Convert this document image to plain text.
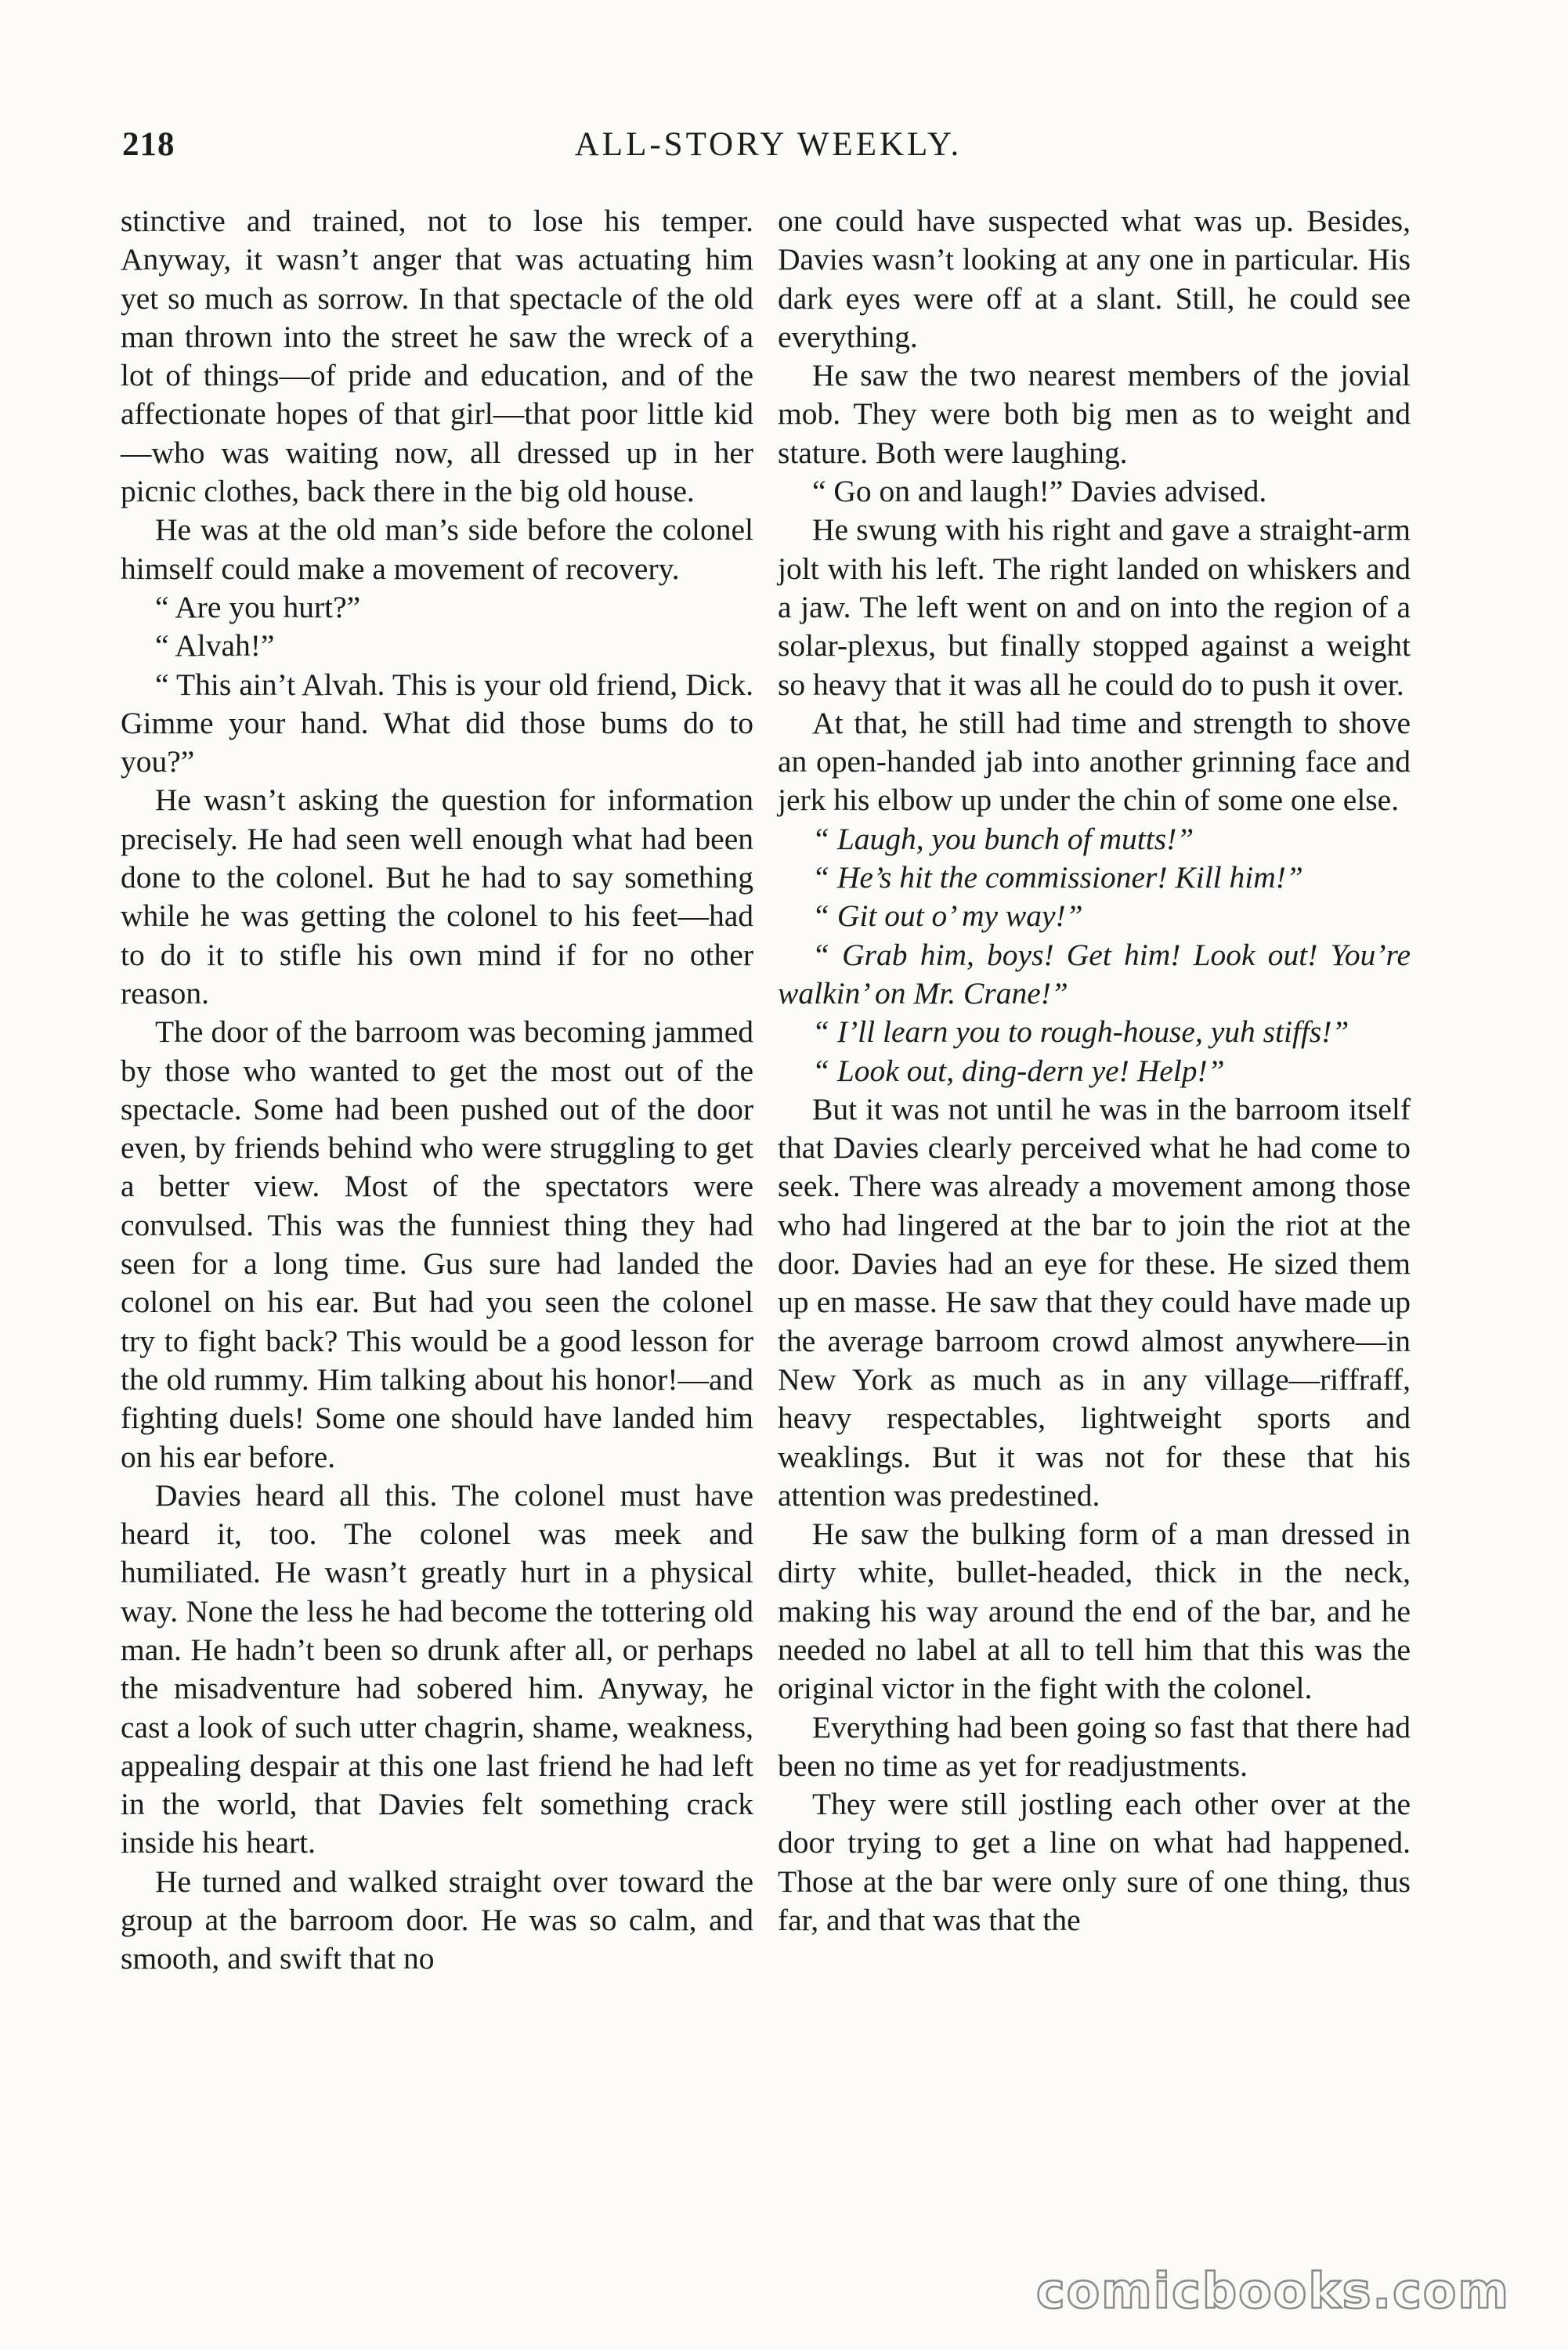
218	ALL-STORY WEEKLY.

stinctive and trained, not to lose his temper. Anyway, it wasn’t anger that was actuating him yet so much as sorrow. In that spectacle of the old man thrown into the street he saw the wreck of a lot of things—of pride and education, and of the affectionate hopes of that girl—that poor little kid—who was waiting now, all dressed up in her picnic clothes, back there in the big old house.

He was at the old man’s side before the colonel himself could make a movement of recovery.

“ Are you hurt?”

“ Alvah!”

“ This ain’t Alvah. This is your old friend, Dick. Gimme your hand. What did those bums do to you?”

He wasn’t asking the question for information precisely. He had seen well enough what had been done to the colonel. But he had to say something while he was getting the colonel to his feet—had to do it to stifle his own mind if for no other reason.

The door of the barroom was becoming jammed by those who wanted to get the most out of the spectacle. Some had been pushed out of the door even, by friends behind who were struggling to get a better view. Most of the spectators were convulsed. This was the funniest thing they had seen for a long time. Gus sure had landed the colonel on his ear. But had you seen the colonel try to fight back? This would be a good lesson for the old rummy. Him talking about his honor!—and fighting duels! Some one should have landed him on his ear before.

Davies heard all this. The colonel must have heard it, too. The colonel was meek and humiliated. He wasn’t greatly hurt in a physical way. None the less he had become the tottering old man. He hadn’t been so drunk after all, or perhaps the misadventure had sobered him. Anyway, he cast a look of such utter chagrin, shame, weakness, appealing despair at this one last friend he had left in the world, that Davies felt something crack inside his heart.

He turned and walked straight over toward the group at the barroom door. He was so calm, and smooth, and swift that no

one could have suspected what was up. Besides, Davies wasn’t looking at any one in particular. His dark eyes were off at a slant. Still, he could see everything.

He saw the two nearest members of the jovial mob. They were both big men as to weight and stature. Both were laughing.

“ Go on and laugh!” Davies advised.

He swung with his right and gave a straight-arm jolt with his left. The right landed on whiskers and a jaw. The left went on and on into the region of a solar-plexus, but finally stopped against a weight so heavy that it was all he could do to push it over.

At that, he still had time and strength to shove an open-handed jab into another grinning face and jerk his elbow up under the chin of some one else.

“ Laugh, you bunch of mutts!”

“ He’s hit the commissioner! Kill him!”

“ Git out o’ my way!”

“ Grab him, boys! Get him! Look out! You’re walkin’ on Mr. Crane!”

“ I’ll learn you to rough-house, yuh stiffs!”

“ Look out, ding-dern ye! Help!”

But it was not until he was in the barroom itself that Davies clearly perceived what he had come to seek. There was already a movement among those who had lingered at the bar to join the riot at the door. Davies had an eye for these. He sized them up en masse. He saw that they could have made up the average barroom crowd almost anywhere—in New York as much as in any village—riffraff, heavy respectables, lightweight sports and weaklings. But it was not for these that his attention was predestined.

He saw the bulking form of a man dressed in dirty white, bullet-headed, thick in the neck, making his way around the end of the bar, and he needed no label at all to tell him that this was the original victor in the fight with the colonel.

Everything had been going so fast that there had been no time as yet for readjustments.

They were still jostling each other over at the door trying to get a line on what had happened. Those at the bar were only sure of one thing, thus far, and that was that the

comicbooks.com
